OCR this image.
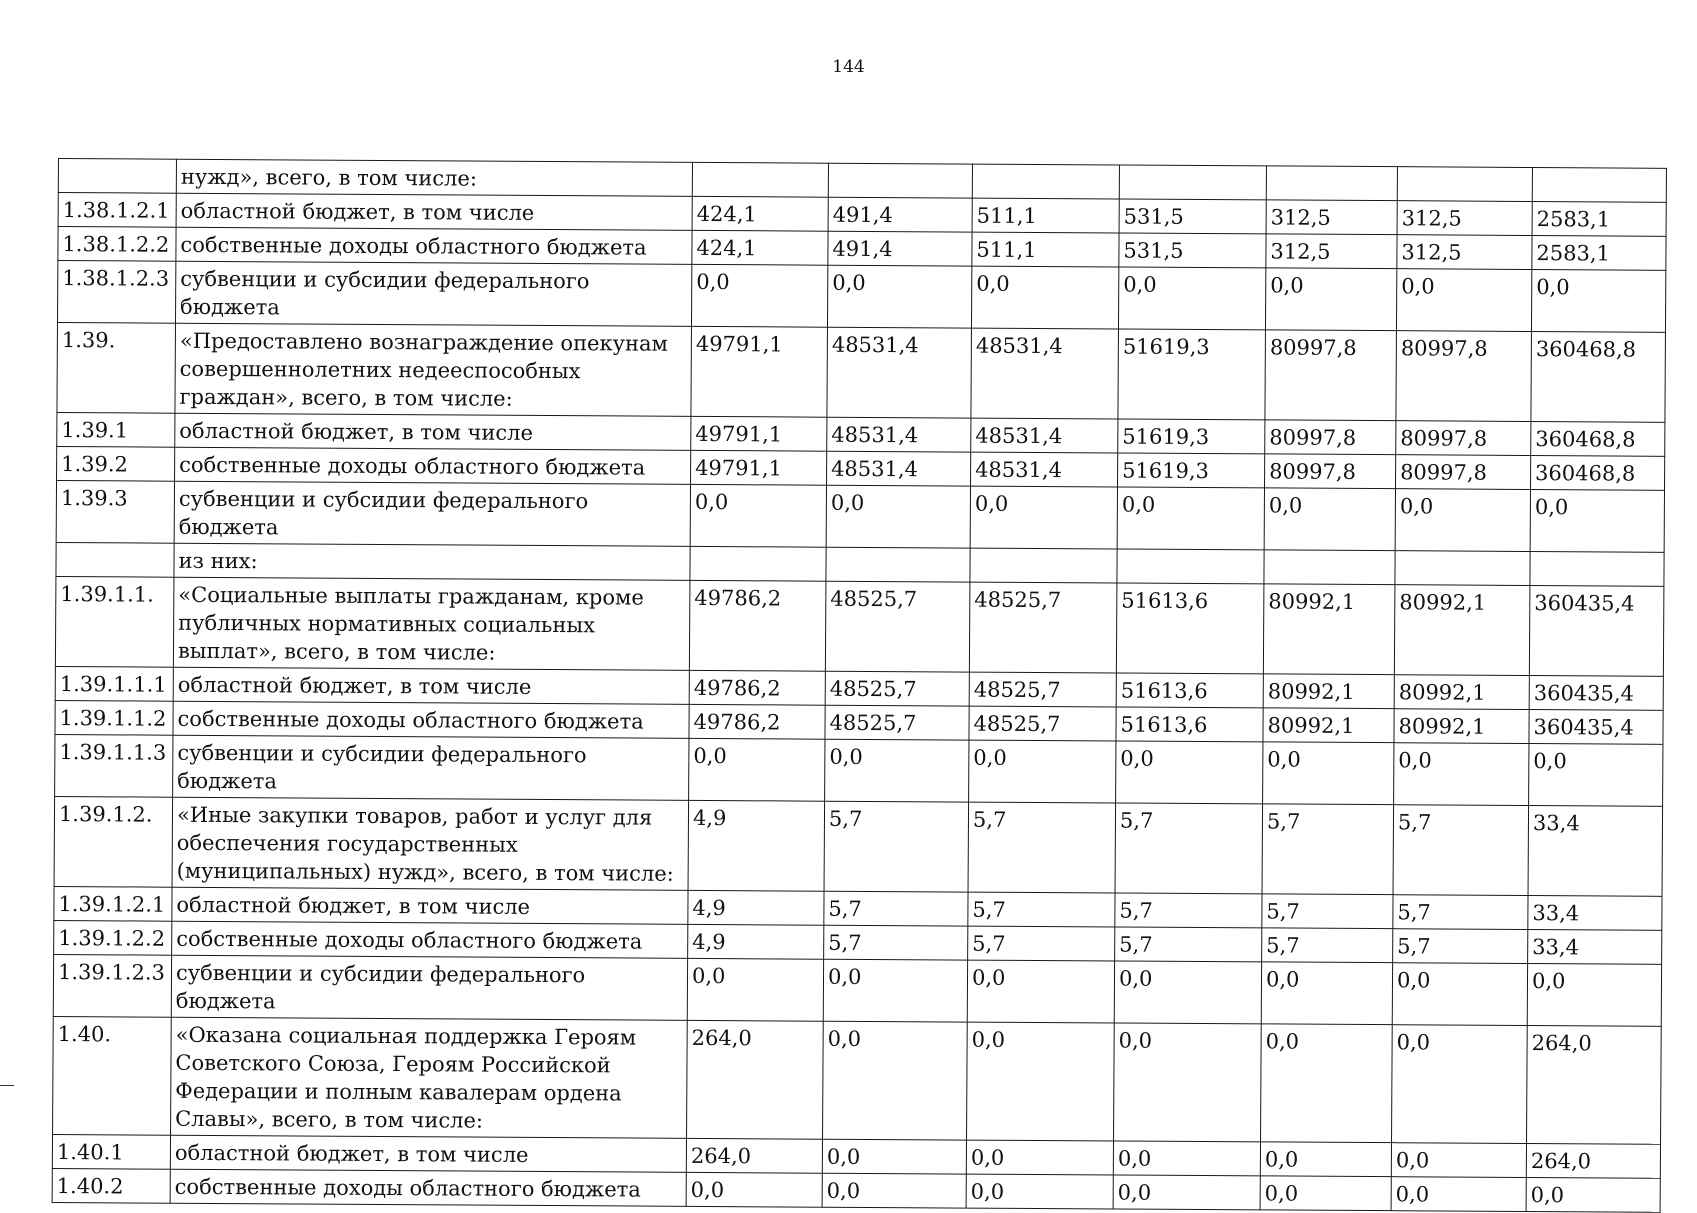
144
	нужд», всего, в том числе:							
1.38.1.2.1	областной бюджет, в том числе	424,1	491,4	511,1	531,5	312,5	312,5	2583,1
1.38.1.2.2	собственные доходы областного бюджета	424,1	491,4	511,1	531,5	312,5	312,5	2583,1
1.38.1.2.3	субвенции и субсидии федерального бюджета	0,0	0,0	0,0	0,0	0,0	0,0	0,0
1.39.	«Предоставлено вознаграждение опекунам совершеннолетних недееспособных граждан», всего, в том числе:	49791,1	48531,4	48531,4	51619,3	80997,8	80997,8	360468,8
1.39.1	областной бюджет, в том числе	49791,1	48531,4	48531,4	51619,3	80997,8	80997,8	360468,8
1.39.2	собственные доходы областного бюджета	49791,1	48531,4	48531,4	51619,3	80997,8	80997,8	360468,8
1.39.3	субвенции и субсидии федерального бюджета	0,0	0,0	0,0	0,0	0,0	0,0	0,0
	из них:							
1.39.1.1.	«Социальные выплаты гражданам, кроме публичных нормативных социальных выплат», всего, в том числе:	49786,2	48525,7	48525,7	51613,6	80992,1	80992,1	360435,4
1.39.1.1.1	областной бюджет, в том числе	49786,2	48525,7	48525,7	51613,6	80992,1	80992,1	360435,4
1.39.1.1.2	собственные доходы областного бюджета	49786,2	48525,7	48525,7	51613,6	80992,1	80992,1	360435,4
1.39.1.1.3	субвенции и субсидии федерального бюджета	0,0	0,0	0,0	0,0	0,0	0,0	0,0
1.39.1.2.	«Иные закупки товаров, работ и услуг для обеспечения государственных (муниципальных) нужд», всего, в том числе:	4,9	5,7	5,7	5,7	5,7	5,7	33,4
1.39.1.2.1	областной бюджет, в том числе	4,9	5,7	5,7	5,7	5,7	5,7	33,4
1.39.1.2.2	собственные доходы областного бюджета	4,9	5,7	5,7	5,7	5,7	5,7	33,4
1.39.1.2.3	субвенции и субсидии федерального бюджета	0,0	0,0	0,0	0,0	0,0	0,0	0,0
1.40.	«Оказана социальная поддержка Героям Советского Союза, Героям Российской Федерации и полным кавалерам ордена Славы», всего, в том числе:	264,0	0,0	0,0	0,0	0,0	0,0	264,0
1.40.1	областной бюджет, в том числе	264,0	0,0	0,0	0,0	0,0	0,0	264,0
1.40.2	собственные доходы областного бюджета	0,0	0,0	0,0	0,0	0,0	0,0	0,0
